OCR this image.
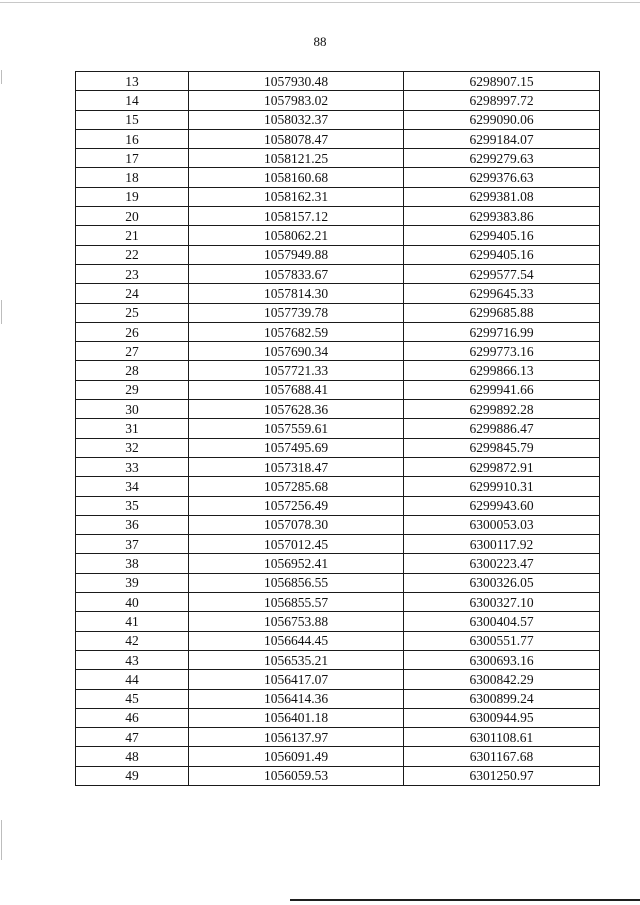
88
13	1057930.48	6298907.15
14	1057983.02	6298997.72
15	1058032.37	6299090.06
16	1058078.47	6299184.07
17	1058121.25	6299279.63
18	1058160.68	6299376.63
19	1058162.31	6299381.08
20	1058157.12	6299383.86
21	1058062.21	6299405.16
22	1057949.88	6299405.16
23	1057833.67	6299577.54
24	1057814.30	6299645.33
25	1057739.78	6299685.88
26	1057682.59	6299716.99
27	1057690.34	6299773.16
28	1057721.33	6299866.13
29	1057688.41	6299941.66
30	1057628.36	6299892.28
31	1057559.61	6299886.47
32	1057495.69	6299845.79
33	1057318.47	6299872.91
34	1057285.68	6299910.31
35	1057256.49	6299943.60
36	1057078.30	6300053.03
37	1057012.45	6300117.92
38	1056952.41	6300223.47
39	1056856.55	6300326.05
40	1056855.57	6300327.10
41	1056753.88	6300404.57
42	1056644.45	6300551.77
43	1056535.21	6300693.16
44	1056417.07	6300842.29
45	1056414.36	6300899.24
46	1056401.18	6300944.95
47	1056137.97	6301108.61
48	1056091.49	6301167.68
49	1056059.53	6301250.97
